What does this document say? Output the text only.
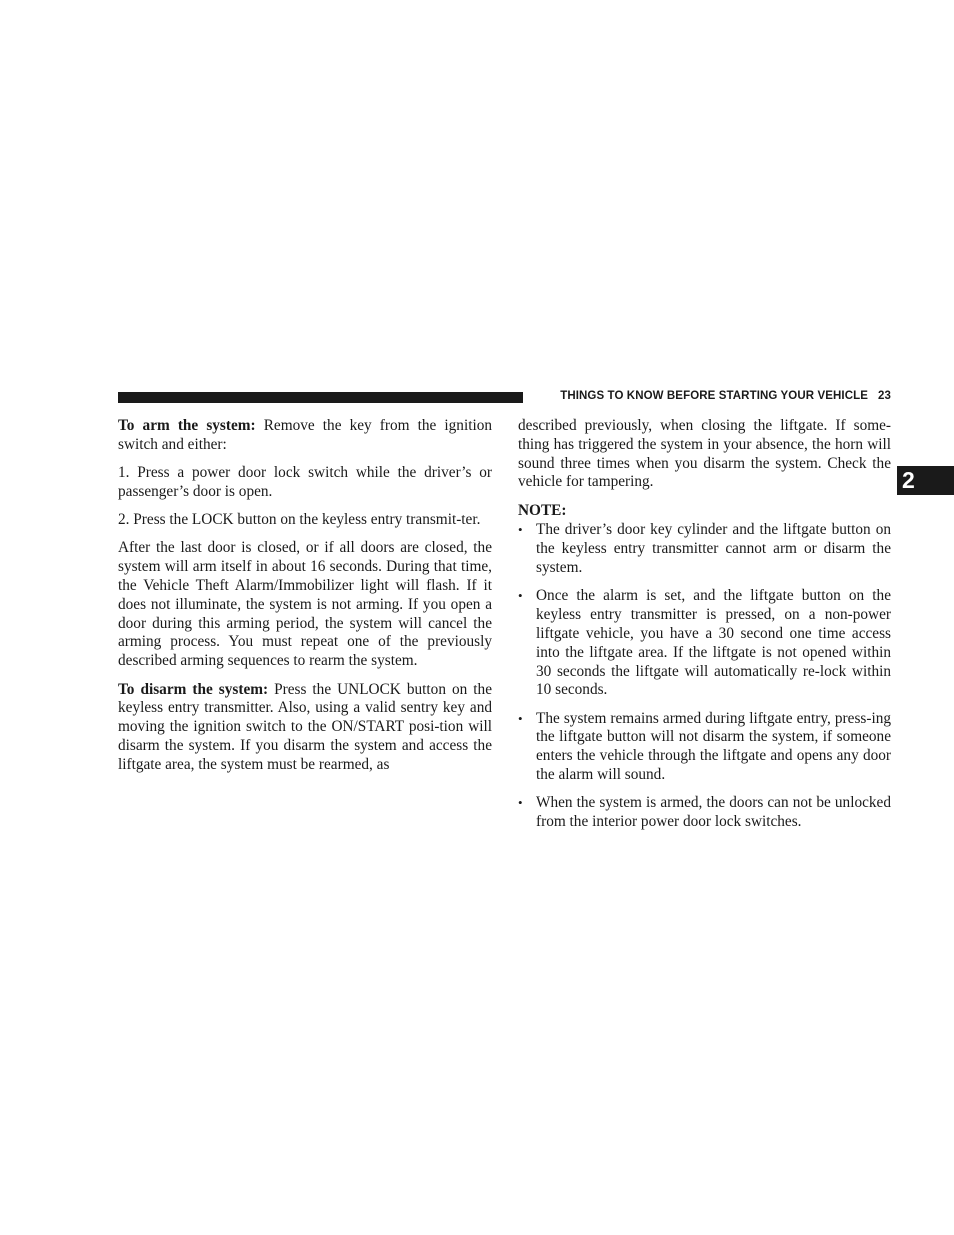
THINGS TO KNOW BEFORE STARTING YOUR VEHICLE 23
2

To arm the system: Remove the key from the ignition switch and either:

1. Press a power door lock switch while the driver’s or passenger’s door is open.

2. Press the LOCK button on the keyless entry transmit-ter.

After the last door is closed, or if all doors are closed, the system will arm itself in about 16 seconds. During that time, the Vehicle Theft Alarm/Immobilizer light will flash. If it does not illuminate, the system is not arming. If you open a door during this arming period, the system will cancel the arming process. You must repeat one of the previously described arming sequences to rearm the system.

To disarm the system: Press the UNLOCK button on the keyless entry transmitter. Also, using a valid sentry key and moving the ignition switch to the ON/START posi-tion will disarm the system. If you disarm the system and access the liftgate area, the system must be rearmed, as

described previously, when closing the liftgate. If some-thing has triggered the system in your absence, the horn will sound three times when you disarm the system. Check the vehicle for tampering.

NOTE:
• The driver’s door key cylinder and the liftgate button on the keyless entry transmitter cannot arm or disarm the system.
• Once the alarm is set, and the liftgate button on the keyless entry transmitter is pressed, on a non-power liftgate vehicle, you have a 30 second one time access into the liftgate area. If the liftgate is not opened within 30 seconds the liftgate will automatically re-lock within 10 seconds.
• The system remains armed during liftgate entry, press-ing the liftgate button will not disarm the system, if someone enters the vehicle through the liftgate and opens any door the alarm will sound.
• When the system is armed, the doors can not be unlocked from the interior power door lock switches.
